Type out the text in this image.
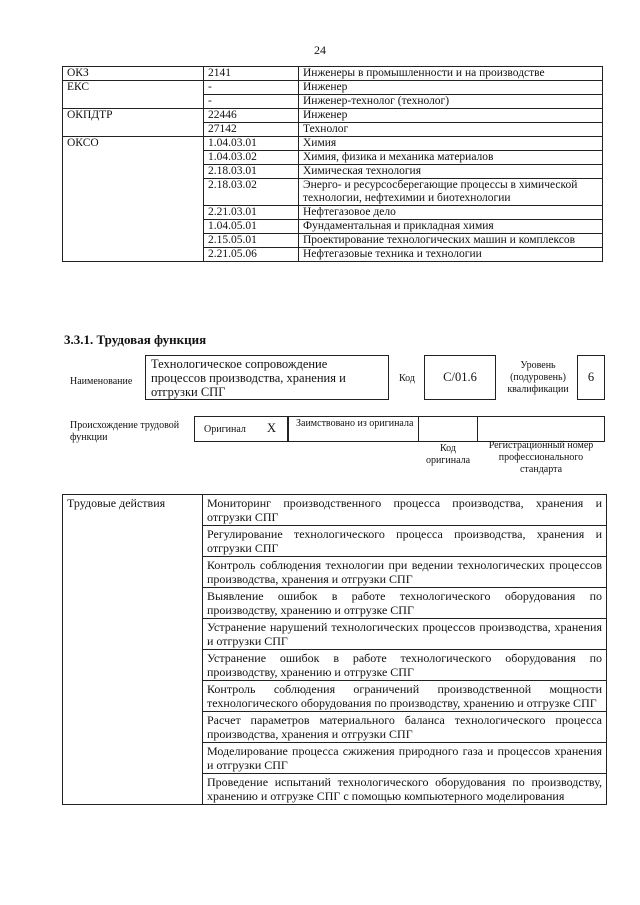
24
ОКЗ	2141	Инженеры в промышленности и на производстве
ЕКС	-	Инженер
	-	Инженер-технолог (технолог)
ОКПДТР	22446	Инженер
	27142	Технолог
ОКСО	1.04.03.01	Химия
	1.04.03.02	Химия, физика и механика материалов
	2.18.03.01	Химическая технология
	2.18.03.02	Энерго- и ресурсосберегающие процессы в химической технологии, нефтехимии и биотехнологии
	2.21.03.01	Нефтегазовое дело
	1.04.05.01	Фундаментальная и прикладная химия
	2.15.05.01	Проектирование технологических машин и комплексов
	2.21.05.06	Нефтегазовые техника и технологии
3.3.1. Трудовая функция
Наименование
Технологическое сопровождение процессов производства, хранения и отгрузки СПГ
Код	C/01.6
Уровень (подуровень) квалификации
6
Происхождение трудовой функции
Оригинал X Заимствовано из оригинала
Код оригинала
Регистрационный номер профессионального стандарта
Трудовые действия	Мониторинг производственного процесса производства, хранения и отгрузки СПГ
Регулирование технологического процесса производства, хранения и отгрузки СПГ
Контроль соблюдения технологии при ведении технологических процессов производства, хранения и отгрузки СПГ
Выявление ошибок в работе технологического оборудования по производству, хранению и отгрузке СПГ
Устранение нарушений технологических процессов производства, хранения и отгрузки СПГ
Устранение ошибок в работе технологического оборудования по производству, хранению и отгрузке СПГ
Контроль соблюдения ограничений производственной мощности технологического оборудования по производству, хранению и отгрузке СПГ
Расчет параметров материального баланса технологического процесса производства, хранения и отгрузки СПГ
Моделирование процесса сжижения природного газа и процессов хранения и отгрузки СПГ
Проведение испытаний технологического оборудования по производству, хранению и отгрузке СПГ с помощью компьютерного моделирования
